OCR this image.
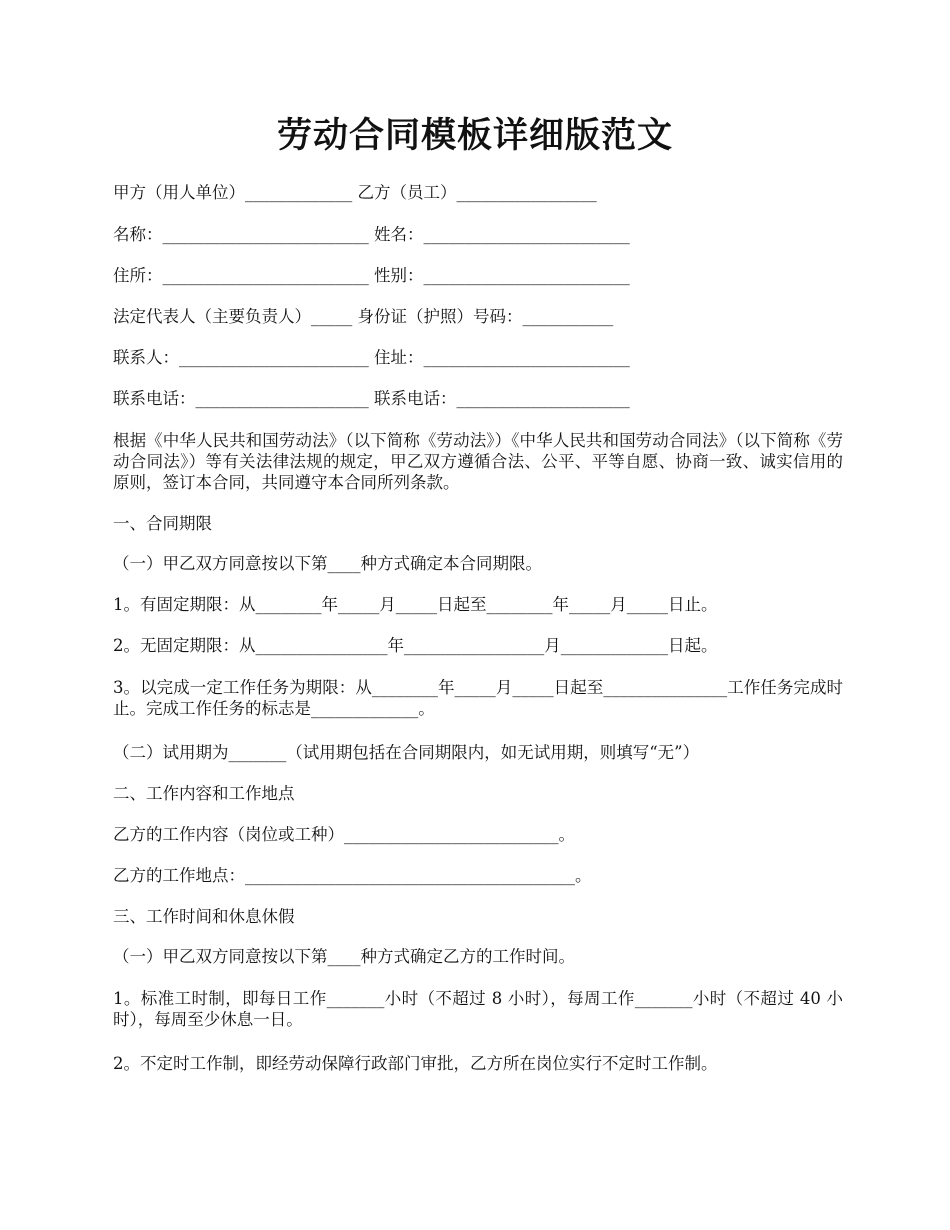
劳动合同模板详细版范文

甲方（用人单位）_____________ 乙方（员工）_________________

名称：_________________________ 姓名：_________________________

住所：_________________________ 性别：_________________________

法定代表人（主要负责人）_____ 身份证（护照）号码：___________

联系人：_______________________ 住址：_________________________

联系电话：_____________________ 联系电话：_____________________

根据《中华人民共和国劳动法》（以下简称《劳动法》）《中华人民共和国劳动合同法》（以下简称《劳动合同法》）等有关法律法规的规定，甲乙双方遵循合法、公平、平等自愿、协商一致、诚实信用的原则，签订本合同，共同遵守本合同所列条款。

一、合同期限

（一）甲乙双方同意按以下第____种方式确定本合同期限。

1。有固定期限：从________年_____月_____日起至________年_____月_____日止。

2。无固定期限：从________________年_________________月_____________日起。

3。以完成一定工作任务为期限：从________年_____月_____日起至_______________工作任务完成时止。完成工作任务的标志是_____________。

（二）试用期为_______（试用期包括在合同期限内，如无试用期，则填写“无”）

二、工作内容和工作地点

乙方的工作内容（岗位或工种）__________________________。

乙方的工作地点：________________________________________。

三、工作时间和休息休假

（一）甲乙双方同意按以下第____种方式确定乙方的工作时间。

1。标准工时制，即每日工作_______小时（不超过 8 小时），每周工作_______小时（不超过 40 小时），每周至少休息一日。

2。不定时工作制，即经劳动保障行政部门审批，乙方所在岗位实行不定时工作制。
